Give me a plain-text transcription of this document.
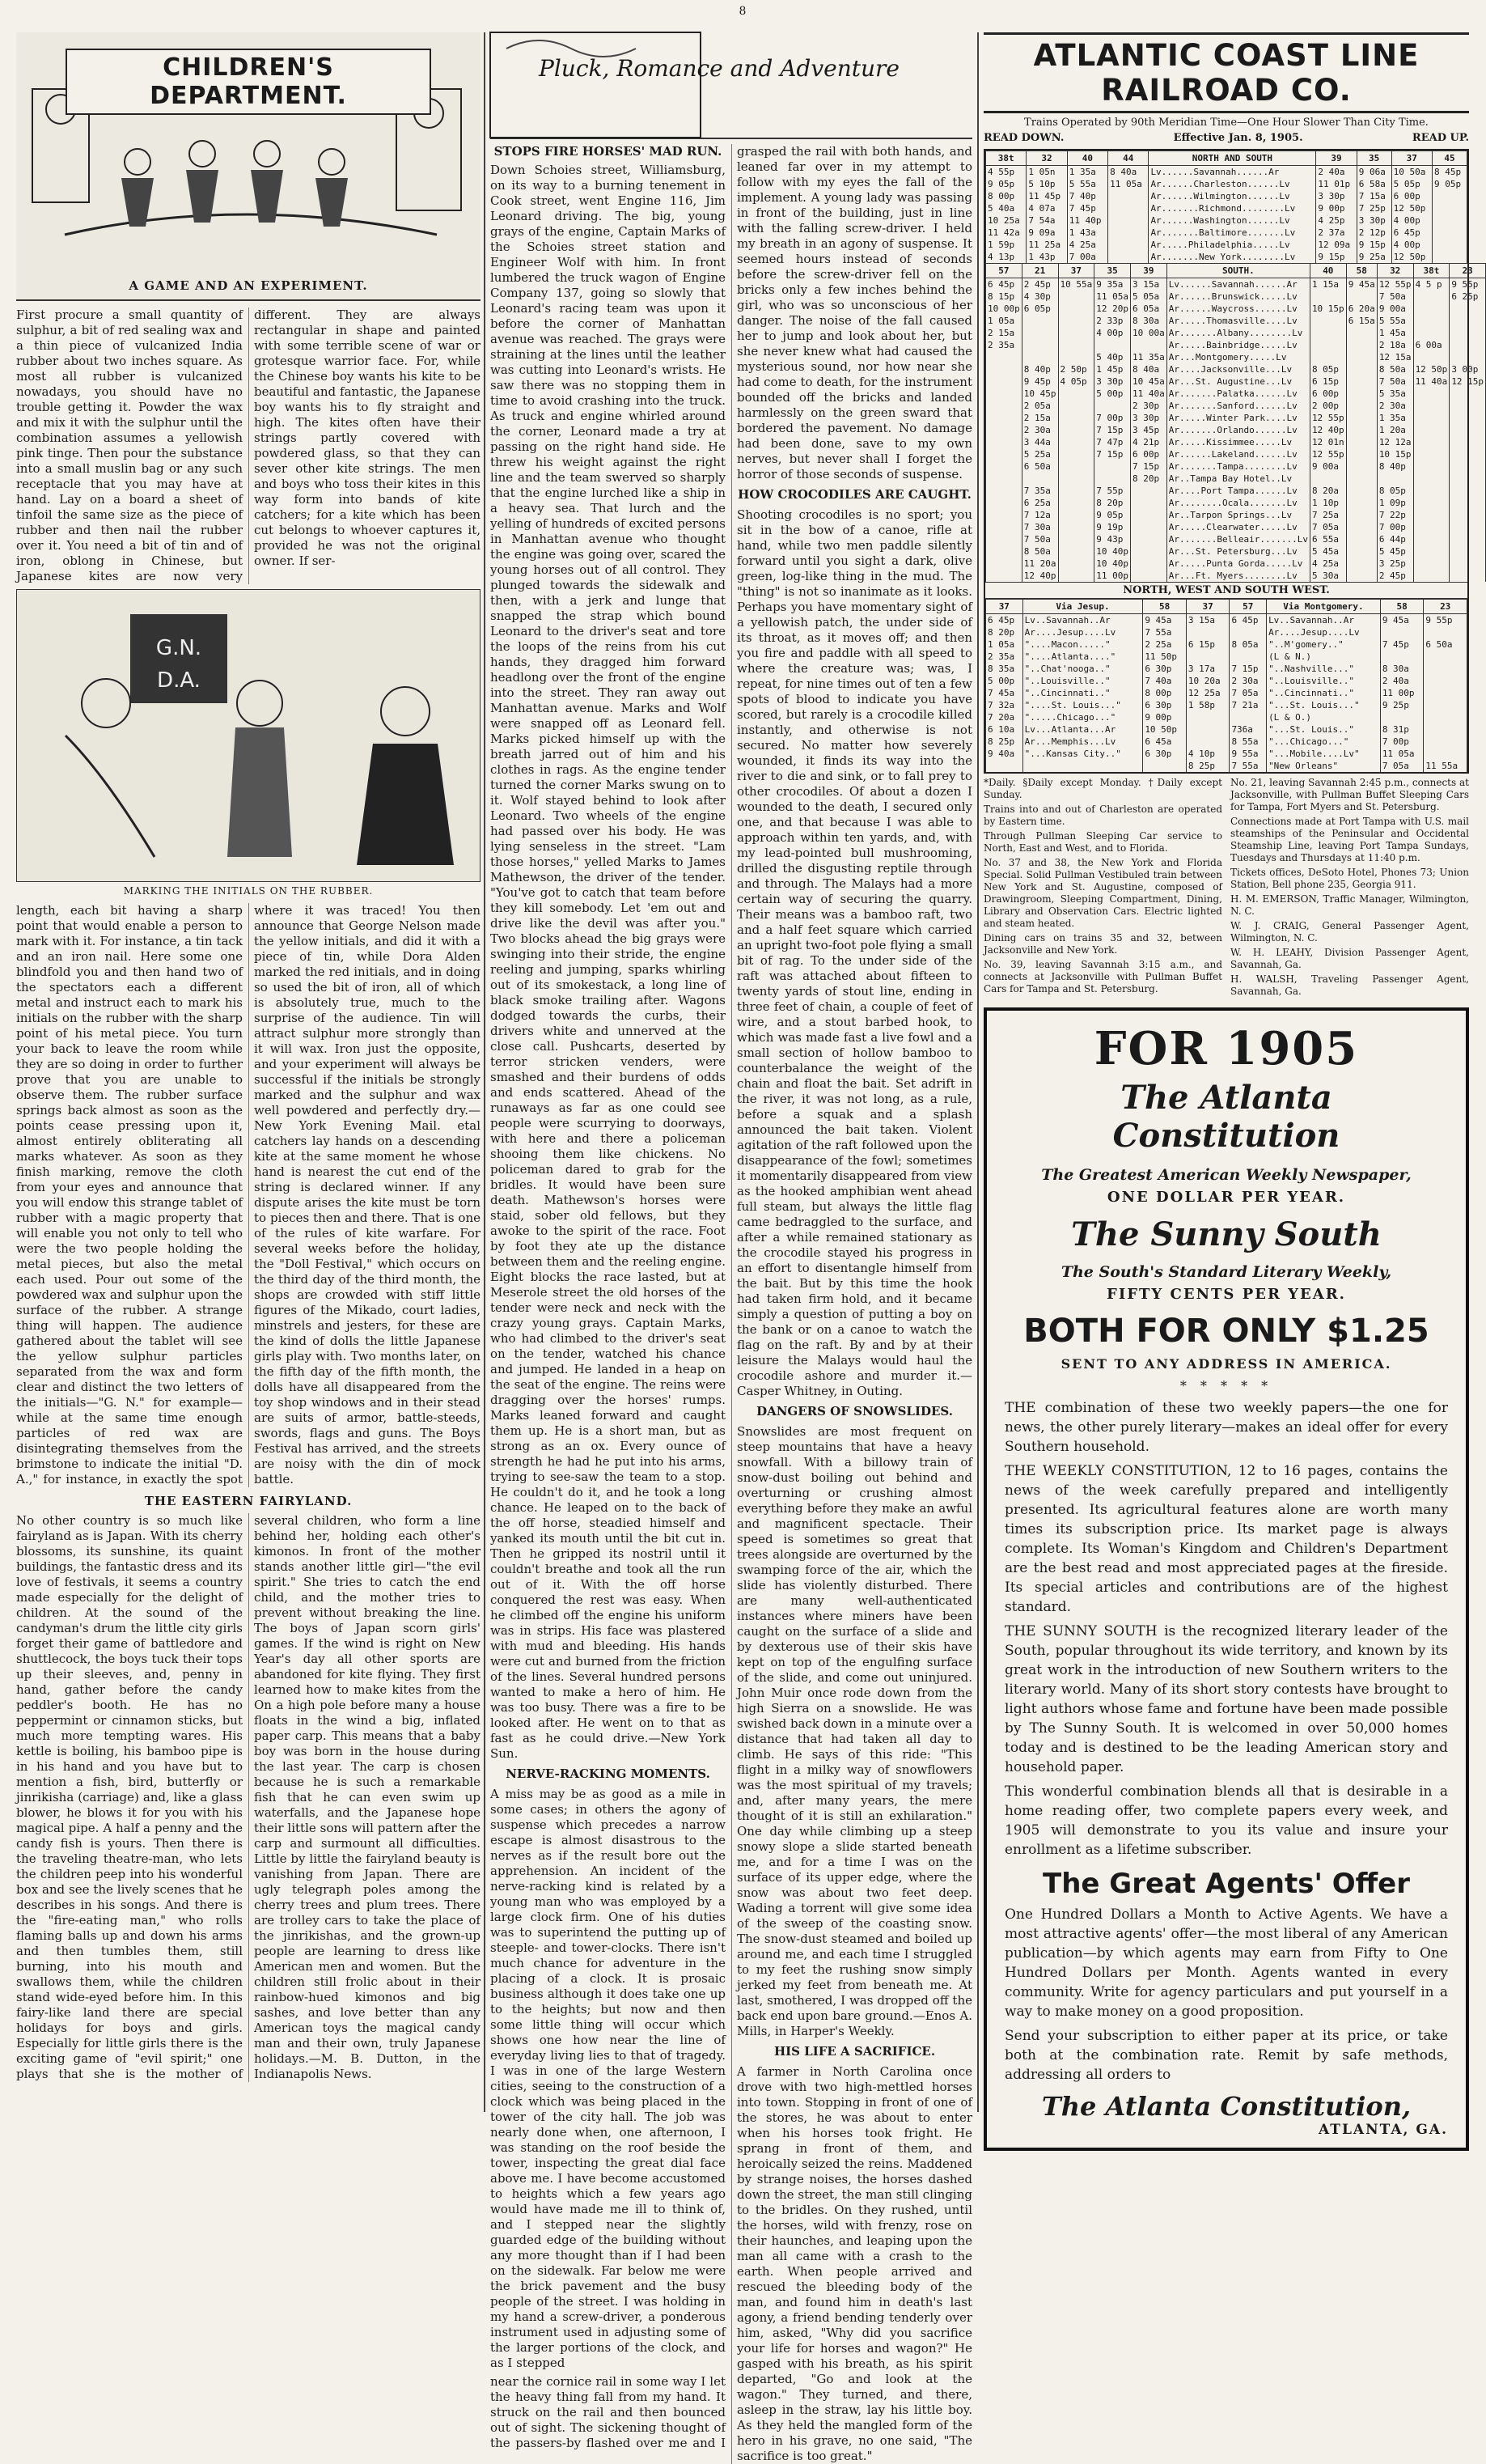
8
CHILDREN'S DEPARTMENT.
A GAME AND AN EXPERIMENT.

First procure a small quantity of sulphur, a bit of red sealing wax and a thin piece of vulcanized India rubber about two inches square. As most all rubber is vulcanized nowadays, you should have no trouble getting it. Powder the wax and mix it with the sulphur until the combination assumes a yellowish pink tinge. Then pour the substance into a small muslin bag or any such receptacle that you may have at hand. Lay on a board a sheet of tinfoil the same size as the piece of rubber and then nail the rubber over it. You need a bit of tin and of iron, oblong in Chinese, but Japanese kites are now very different. They are always rectangular in shape and painted with some terrible scene of war or grotesque warrior face. For, while the Chinese boy wants his kite to be beautiful and fantastic, the Japanese boy wants his to fly straight and high. The kites often have their strings partly covered with powdered glass, so that they can sever other kite strings. The men and boys who toss their kites in this way form into bands of kite catchers; for a kite which has been cut belongs to whoever captures it, provided he was not the original owner. If ser-

G.N.
D.A.
MARKING THE INITIALS ON THE RUBBER.

length, each bit having a sharp point that would enable a person to mark with it. For instance, a tin tack and an iron nail. Here some one blindfold you and then hand two of the spectators each a different metal and instruct each to mark his initials on the rubber with the sharp point of his metal piece. You turn your back to leave the room while they are so doing in order to further prove that you are unable to observe them. The rubber surface springs back almost as soon as the points cease pressing upon it, almost entirely obliterating all marks whatever. As soon as they finish marking, remove the cloth from your eyes and announce that you will endow this strange tablet of rubber with a magic property that will enable you not only to tell who were the two people holding the metal pieces, but also the metal each used. Pour out some of the powdered wax and sulphur upon the surface of the rubber. A strange thing will happen. The audience gathered about the tablet will see the yellow sulphur particles separated from the wax and form clear and distinct the two letters of the initials—"G. N." for example—while at the same time enough particles of red wax are disintegrating themselves from the brimstone to indicate the initial "D. A.," for instance, in exactly the spot where it was traced! You then announce that George Nelson made the yellow initials, and did it with a piece of tin, while Dora Alden marked the red initials, and in doing so used the bit of iron, all of which is absolutely true, much to the surprise of the audience. Tin will attract sulphur more strongly than it will wax. Iron just the opposite, and your experiment will always be successful if the initials be strongly marked and the sulphur and wax well powdered and perfectly dry.—New York Evening Mail. etal catchers lay hands on a descending kite at the same moment he whose hand is nearest the cut end of the string is declared winner. If any dispute arises the kite must be torn to pieces then and there. That is one of the rules of kite warfare. For several weeks before the holiday, the "Doll Festival," which occurs on the third day of the third month, the shops are crowded with stiff little figures of the Mikado, court ladies, minstrels and jesters, for these are the kind of dolls the little Japanese girls play with. Two months later, on the fifth day of the fifth month, the dolls have all disappeared from the toy shop windows and in their stead are suits of armor, battle-steeds, swords, flags and guns. The Boys Festival has arrived, and the streets are noisy with the din of mock battle.

THE EASTERN FAIRYLAND.

No other country is so much like fairyland as is Japan. With its cherry blossoms, its sunshine, its quaint buildings, the fantastic dress and its love of festivals, it seems a country made especially for the delight of children. At the sound of the candyman's drum the little city girls forget their game of battledore and shuttlecock, the boys tuck their tops up their sleeves, and, penny in hand, gather before the candy peddler's booth. He has no peppermint or cinnamon sticks, but much more tempting wares. His kettle is boiling, his bamboo pipe is in his hand and you have but to mention a fish, bird, butterfly or jinrikisha (carriage) and, like a glass blower, he blows it for you with his magical pipe. A half a penny and the candy fish is yours. Then there is the traveling theatre-man, who lets the children peep into his wonderful box and see the lively scenes that he describes in his songs. And there is the "fire-eating man," who rolls flaming balls up and down his arms and then tumbles them, still burning, into his mouth and swallows them, while the children stand wide-eyed before him. In this fairy-like land there are special holidays for boys and girls. Especially for little girls there is the exciting game of "evil spirit;" one plays that she is the mother of several children, who form a line behind her, holding each other's kimonos. In front of the mother stands another little girl—"the evil spirit." She tries to catch the end child, and the mother tries to prevent without breaking the line. The boys of Japan scorn girls' games. If the wind is right on New Year's day all other sports are abandoned for kite flying. They first learned how to make kites from the On a high pole before many a house floats in the wind a big, inflated paper carp. This means that a baby boy was born in the house during the last year. The carp is chosen because he is such a remarkable fish that he can even swim up waterfalls, and the Japanese hope their little sons will pattern after the carp and surmount all difficulties. Little by little the fairyland beauty is vanishing from Japan. There are ugly telegraph poles among the cherry trees and plum trees. There are trolley cars to take the place of the jinrikishas, and the grown-up people are learning to dress like American men and women. But the children still frolic about in their rainbow-hued kimonos and big sashes, and love better than any American toys the magical candy man and their own, truly Japanese holidays.—M. B. Dutton, in the Indianapolis News.

Pluck, Romance and Adventure
STOPS FIRE HORSES' MAD RUN.

Down Schoies street, Williamsburg, on its way to a burning tenement in Cook street, went Engine 116, Jim Leonard driving. The big, young grays of the engine, Captain Marks of the Schoies street station and Engineer Wolf with him. In front lumbered the truck wagon of Engine Company 137, going so slowly that Leonard's racing team was upon it before the corner of Manhattan avenue was reached. The grays were straining at the lines until the leather was cutting into Leonard's wrists. He saw there was no stopping them in time to avoid crashing into the truck. As truck and engine whirled around the corner, Leonard made a try at passing on the right hand side. He threw his weight against the right line and the team swerved so sharply that the engine lurched like a ship in a heavy sea. That lurch and the yelling of hundreds of excited persons in Manhattan avenue who thought the engine was going over, scared the young horses out of all control. They plunged towards the sidewalk and then, with a jerk and lunge that snapped the strap which bound Leonard to the driver's seat and tore the loops of the reins from his cut hands, they dragged him forward headlong over the front of the engine into the street. They ran away out Manhattan avenue. Marks and Wolf were snapped off as Leonard fell. Marks picked himself up with the breath jarred out of him and his clothes in rags. As the engine tender turned the corner Marks swung on to it. Wolf stayed behind to look after Leonard. Two wheels of the engine had passed over his body. He was lying senseless in the street. "Lam those horses," yelled Marks to James Mathewson, the driver of the tender. "You've got to catch that team before they kill somebody. Let 'em out and drive like the devil was after you." Two blocks ahead the big grays were swinging into their stride, the engine reeling and jumping, sparks whirling out of its smokestack, a long line of black smoke trailing after. Wagons dodged towards the curbs, their drivers white and unnerved at the close call. Pushcarts, deserted by terror stricken venders, were smashed and their burdens of odds and ends scattered. Ahead of the runaways as far as one could see people were scurrying to doorways, with here and there a policeman shooing them like chickens. No policeman dared to grab for the bridles. It would have been sure death. Mathewson's horses were staid, sober old fellows, but they awoke to the spirit of the race. Foot by foot they ate up the distance between them and the reeling engine. Eight blocks the race lasted, but at Meserole street the old horses of the tender were neck and neck with the crazy young grays. Captain Marks, who had climbed to the driver's seat on the tender, watched his chance and jumped. He landed in a heap on the seat of the engine. The reins were dragging over the horses' rumps. Marks leaned forward and caught them up. He is a short man, but as strong as an ox. Every ounce of strength he had he put into his arms, trying to see-saw the team to a stop. He couldn't do it, and he took a long chance. He leaped on to the back of the off horse, steadied himself and yanked its mouth until the bit cut in. Then he gripped its nostril until it couldn't breathe and took all the run out of it. With the off horse conquered the rest was easy. When he climbed off the engine his uniform was in strips. His face was plastered with mud and bleeding. His hands were cut and burned from the friction of the lines. Several hundred persons wanted to make a hero of him. He was too busy. There was a fire to be looked after. He went on to that as fast as he could drive.—New York Sun.

NERVE-RACKING MOMENTS.

A miss may be as good as a mile in some cases; in others the agony of suspense which precedes a narrow escape is almost disastrous to the nerves as if the result bore out the apprehension. An incident of the nerve-racking kind is related by a young man who was employed by a large clock firm. One of his duties was to superintend the putting up of steeple- and tower-clocks. There isn't much chance for adventure in the placing of a clock. It is prosaic business although it does take one up to the heights; but now and then some little thing will occur which shows one how near the line of everyday living lies to that of tragedy. I was in one of the large Western cities, seeing to the construction of a clock which was being placed in the tower of the city hall. The job was nearly done when, one afternoon, I was standing on the roof beside the tower, inspecting the great dial face above me. I have become accustomed to heights which a few years ago would have made me ill to think of, and I stepped near the slightly guarded edge of the building without any more thought than if I had been on the sidewalk. Far below me were the brick pavement and the busy people of the street. I was holding in my hand a screw-driver, a ponderous instrument used in adjusting some of the larger portions of the clock, and as I stepped

near the cornice rail in some way I let the heavy thing fall from my hand. It struck on the rail and then bounced out of sight. The sickening thought of the passers-by flashed over me and I grasped the rail with both hands, and leaned far over in my attempt to follow with my eyes the fall of the implement. A young lady was passing in front of the building, just in line with the falling screw-driver. I held my breath in an agony of suspense. It seemed hours instead of seconds before the screw-driver fell on the bricks only a few inches behind the girl, who was so unconscious of her danger. The noise of the fall caused her to jump and look about her, but she never knew what had caused the mysterious sound, nor how near she had come to death, for the instrument bounded off the bricks and landed harmlessly on the green sward that bordered the pavement. No damage had been done, save to my own nerves, but never shall I forget the horror of those seconds of suspense.

HOW CROCODILES ARE CAUGHT.

Shooting crocodiles is no sport; you sit in the bow of a canoe, rifle at hand, while two men paddle silently forward until you sight a dark, olive green, log-like thing in the mud. The "thing" is not so inanimate as it looks. Perhaps you have momentary sight of a yellowish patch, the under side of its throat, as it moves off; and then you fire and paddle with all speed to where the creature was; was, I repeat, for nine times out of ten a few spots of blood to indicate you have scored, but rarely is a crocodile killed instantly, and otherwise is not secured. No matter how severely wounded, it finds its way into the river to die and sink, or to fall prey to other crocodiles. Of about a dozen I wounded to the death, I secured only one, and that because I was able to approach within ten yards, and, with my lead-pointed bull mushrooming, drilled the disgusting reptile through and through. The Malays had a more certain way of securing the quarry. Their means was a bamboo raft, two and a half feet square which carried an upright two-foot pole flying a small bit of rag. To the under side of the raft was attached about fifteen to twenty yards of stout line, ending in three feet of chain, a couple of feet of wire, and a stout barbed hook, to which was made fast a live fowl and a small section of hollow bamboo to counterbalance the weight of the chain and float the bait. Set adrift in the river, it was not long, as a rule, before a squak and a splash announced the bait taken. Violent agitation of the raft followed upon the disappearance of the fowl; sometimes it momentarily disappeared from view as the hooked amphibian went ahead full steam, but always the little flag came bedraggled to the surface, and after a while remained stationary as the crocodile stayed his progress in an effort to disentangle himself from the bait. But by this time the hook had taken firm hold, and it became simply a question of putting a boy on the bank or on a canoe to watch the flag on the raft. By and by at their leisure the Malays would haul the crocodile ashore and murder it.—Casper Whitney, in Outing.

DANGERS OF SNOWSLIDES.

Snowslides are most frequent on steep mountains that have a heavy snowfall. With a billowy train of snow-dust boiling out behind and overturning or crushing almost everything before they make an awful and magnificent spectacle. Their speed is sometimes so great that trees alongside are overturned by the swamping force of the air, which the slide has violently disturbed. There are many well-authenticated instances where miners have been caught on the surface of a slide and by dexterous use of their skis have kept on top of the engulfing surface of the slide, and come out uninjured. John Muir once rode down from the high Sierra on a snowslide. He was swished back down in a minute over a distance that had taken all day to climb. He says of this ride: "This flight in a milky way of snowflowers was the most spiritual of my travels; and, after many years, the mere thought of it is still an exhilaration." One day while climbing up a steep snowy slope a slide started beneath me, and for a time I was on the surface of its upper edge, where the snow was about two feet deep. Wading a torrent will give some idea of the sweep of the coasting snow. The snow-dust steamed and boiled up around me, and each time I struggled to my feet the rushing snow simply jerked my feet from beneath me. At last, smothered, I was dropped off the back end upon bare ground.—Enos A. Mills, in Harper's Weekly.

HIS LIFE A SACRIFICE.

A farmer in North Carolina once drove with two high-mettled horses into town. Stopping in front of one of the stores, he was about to enter when his horses took fright. He sprang in front of them, and heroically seized the reins. Maddened by strange noises, the horses dashed down the street, the man still clinging to the bridles. On they rushed, until the horses, wild with frenzy, rose on their haunches, and leaping upon the man all came with a crash to the earth. When people arrived and rescued the bleeding body of the man, and found him in death's last agony, a friend bending tenderly over him, asked, "Why did you sacrifice your life for horses and wagon?" He gasped with his breath, as his spirit departed, "Go and look at the wagon." They turned, and there, asleep in the straw, lay his little boy. As they held the mangled form of the hero in his grave, no one said, "The sacrifice is too great."

ATLANTIC COAST LINE RAILROAD CO.
Trains Operated by 90th Meridian Time—One Hour Slower Than City Time.
READ DOWN.	Effective Jan. 8, 1905.	READ UP.
38t	32	40	44	NORTH AND SOUTH	39	35	37	45
4 55p	1 05n	1 35a	8 40a	Lv......Savannah......Ar	2 40a	9 06a	10 50a	8 45p
9 05p	5 10p	5 55a	11 05a	Ar......Charleston......Lv	11 01p	6 58a	5 05p	9 05p
8 00p	11 45p	7 40p		Ar......Wilmington......Lv	3 30p	7 15a	6 00p	
5 40a	4 07a	7 45p		Ar.......Richmond........Lv	9 00p	7 25p	12 50p	
10 25a	7 54a	11 40p		Ar......Washington......Lv	4 25p	3 30p	4 00p	
11 42a	9 09a	1 43a		Ar.......Baltimore.......Lv	2 37a	2 12p	6 45p	
1 59p	11 25a	4 25a		Ar.....Philadelphia.....Lv	12 09a	9 15p	4 00p	
4 13p	1 43p	7 00a		Ar.......New York........Lv	9 15p	9 25a	12 50p	
57	21	37	35	39	SOUTH.	40	58	32	38t	23
6 45p	2 45p	10 55a	9 35a	3 15a	Lv......Savannah......Ar	1 15a	9 45a	12 55p	4 5 p	9 55p
8 15p	4 30p		11 05a	5 05a	Ar......Brunswick.....Lv			7 50a		6 25p
10 00p	6 05p		12 20p	6 05a	Ar......Waycross......Lv	10 15p	6 20a	9 00a		
1 05a			2 33p	8 30a	Ar.....Thomasville....Lv		6 15a	5 55a		
2 15a			4 00p	10 00a	Ar.......Albany........Lv			1 45a		
2 35a					Ar.....Bainbridge.....Lv			2 18a	6 00a	
			5 40p	11 35a	Ar...Montgomery.....Lv			12 15a		
	8 40p	2 50p	1 45p	8 40a	Ar....Jacksonville...Lv	8 05p		8 50a	12 50p	3 00p
	9 45p	4 05p	3 30p	10 45a	Ar...St. Augustine...Lv	6 15p		7 50a	11 40a	12 15p
	10 45p		5 00p	11 40a	Ar.......Palatka......Lv	6 00p		5 35a		
	2 05a			2 30p	Ar.......Sanford......Lv	2 00p		2 30a		
	2 15a		7 00p	3 30p	Ar.....Winter Park....Lv	12 55p		1 35a		
	2 30a		7 15p	3 45p	Ar.......Orlando......Lv	12 40p		1 20a		
	3 44a		7 47p	4 21p	Ar.....Kissimmee.....Lv	12 01n		12 12a		
	5 25a		7 15p	6 00p	Ar......Lakeland......Lv	12 55p		10 15p		
	6 50a			7 15p	Ar.......Tampa........Lv	9 00a		8 40p		
				8 20p	Ar..Tampa Bay Hotel..Lv					
	7 35a		7 55p		Ar....Port Tampa......Lv	8 20a		8 05p		
	6 25a		8 20p		Ar........Ocala.......Lv	1 10p		1 09p		
	7 12a		9 05p		Ar..Tarpon Springs...Lv	7 25a		7 22p		
	7 30a		9 19p		Ar.....Clearwater.....Lv	7 05a		7 00p		
	7 50a		9 43p		Ar.......Belleair.......Lv	6 55a		6 44p		
	8 50a		10 40p		Ar...St. Petersburg...Lv	5 45a		5 45p		
	11 20a		10 40p		Ar.....Punta Gorda.....Lv	4 25a		3 25p		
	12 40p		11 00p		Ar...Ft. Myers........Lv	5 30a		2 45p		
NORTH, WEST AND SOUTH WEST.
37	Via Jesup.	58	37	57	Via Montgomery.	58	23
6 45p	Lv..Savannah..Ar	9 45a	3 15a	6 45p	Lv..Savannah..Ar	9 45a	9 55p
8 20p	Ar....Jesup....Lv	7 55a			Ar....Jesup....Lv		
1 05a	"....Macon....."	2 25a	6 15p	8 05a	"..M'gomery.."	7 45p	6 50a
2 35a	"....Atlanta...."	11 50p			(L & N.)		
8 35a	"..Chat'nooga.."	6 30p	3 17a	7 15p	"..Nashville..."	8 30a	
5 00p	"..Louisville.."	7 40a	10 20a	2 30a	"..Louisville.."	2 40a	
7 45a	"..Cincinnati.."	8 00p	12 25a	7 05a	"..Cincinnati.."	11 00p	
7 32a	"....St. Louis..."	6 30p	1 58p	7 21a	"...St. Louis..."	9 25p	
7 20a	".....Chicago..."	9 00p			(L & O.)		
6 10a	Lv...Atlanta...Ar	10 50p		736a	"...St. Louis.."	8 31p	
8 25p	Ar...Memphis...Lv	6 45a		8 55a	"...Chicago..."	7 00p	
9 40a	"...Kansas City.."	6 30p	4 10p	9 55a	"...Mobile....Lv"	11 05a	
			8 25p	7 55a	"New Orleans"	7 05a	11 55a

*Daily. §Daily except Monday. †Daily except Sunday.

Trains into and out of Charleston are operated by Eastern time.

Through Pullman Sleeping Car service to North, East and West, and to Florida.

No. 37 and 38, the New York and Florida Special. Solid Pullman Vestibuled train between New York and St. Augustine, composed of Drawingroom, Sleeping Compartment, Dining, Library and Observation Cars. Electric lighted and steam heated.

Dining cars on trains 35 and 32, between Jacksonville and New York.

No. 39, leaving Savannah 3:15 a.m., and connects at Jacksonville with Pullman Buffet Cars for Tampa and St. Petersburg.

No. 21, leaving Savannah 2:45 p.m., connects at Jacksonville, with Pullman Buffet Sleeping Cars for Tampa, Fort Myers and St. Petersburg.

Connections made at Port Tampa with U.S. mail steamships of the Peninsular and Occidental Steamship Line, leaving Port Tampa Sundays, Tuesdays and Thursdays at 11:40 p.m.

Tickets offices, DeSoto Hotel, Phones 73; Union Station, Bell phone 235, Georgia 911.

H. M. EMERSON, Traffic Manager, Wilmington, N. C.

W. J. CRAIG, General Passenger Agent, Wilmington, N. C.

W. H. LEAHY, Division Passenger Agent, Savannah, Ga.

H. WALSH, Traveling Passenger Agent, Savannah, Ga.

FOR 1905
The Atlanta Constitution
The Greatest American Weekly Newspaper,
ONE DOLLAR PER YEAR.
The Sunny South
The South's Standard Literary Weekly,
FIFTY CENTS PER YEAR.
BOTH FOR ONLY $1.25
SENT TO ANY ADDRESS IN AMERICA.
* * * * *

THE combination of these two weekly papers—the one for news, the other purely literary—makes an ideal offer for every Southern household.

THE WEEKLY CONSTITUTION, 12 to 16 pages, contains the news of the week carefully prepared and intelligently presented. Its agricultural features alone are worth many times its subscription price. Its market page is always complete. Its Woman's Kingdom and Children's Department are the best read and most appreciated pages at the fireside. Its special articles and contributions are of the highest standard.

THE SUNNY SOUTH is the recognized literary leader of the South, popular throughout its wide territory, and known by its great work in the introduction of new Southern writers to the literary world. Many of its short story contests have brought to light authors whose fame and fortune have been made possible by The Sunny South. It is welcomed in over 50,000 homes today and is destined to be the leading American story and household paper.

This wonderful combination blends all that is desirable in a home reading offer, two complete papers every week, and 1905 will demonstrate to you its value and insure your enrollment as a lifetime subscriber.

The Great Agents' Offer

One Hundred Dollars a Month to Active Agents. We have a most attractive agents' offer—the most liberal of any American publication—by which agents may earn from Fifty to One Hundred Dollars per Month. Agents wanted in every community. Write for agency particulars and put yourself in a way to make money on a good proposition.

Send your subscription to either paper at its price, or take both at the combination rate. Remit by safe methods, addressing all orders to

The Atlanta Constitution,
ATLANTA, GA.
